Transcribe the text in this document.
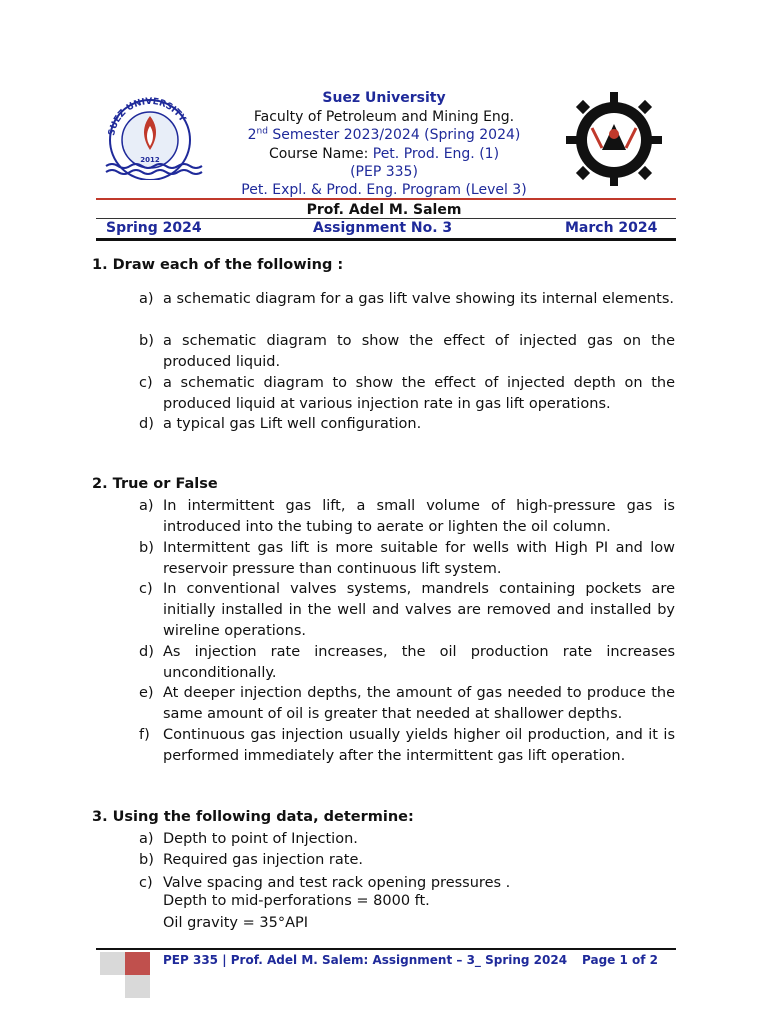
SUEZ UNIVERSITY
2012
Suez University
Faculty of Petroleum and Mining Eng.
2nd Semester 2023/2024 (Spring 2024)
Course Name: Pet. Prod. Eng. (1)
(PEP 335)
Pet. Expl. & Prod. Eng. Program (Level 3)
Prof. Adel M. Salem
Spring 2024	Assignment No. 3	March 2024
1. Draw each of the following :
a) a schematic diagram for a gas lift valve showing its internal elements.
b) a schematic diagram to show the effect of injected gas on the produced liquid.
c) a schematic diagram to show the effect of injected depth on the produced liquid at various injection rate in gas lift operations.
d) a typical gas Lift well configuration.
2. True or False
a) In intermittent gas lift, a small volume of high-pressure gas is introduced into the tubing to aerate or lighten the oil column.
b) Intermittent gas lift is more suitable for wells with High PI and low reservoir pressure than continuous lift system.
c) In conventional valves systems, mandrels containing pockets are initially installed in the well and valves are removed and installed by wireline operations.
d) As injection rate increases, the oil production rate increases unconditionally.
e) At deeper injection depths, the amount of gas needed to produce the same amount of oil is greater that needed at shallower depths.
f) Continuous gas injection usually yields higher oil production, and it is performed immediately after the intermittent gas lift operation.
3. Using the following data, determine:
a) Depth to point of Injection.
b) Required gas injection rate.
c) Valve spacing and test rack opening pressures .
Depth to mid-perforations = 8000 ft.
Oil gravity = 35°API
PEP 335 | Prof. Adel M. Salem: Assignment – 3_ Spring 2024 Page 1 of 2
